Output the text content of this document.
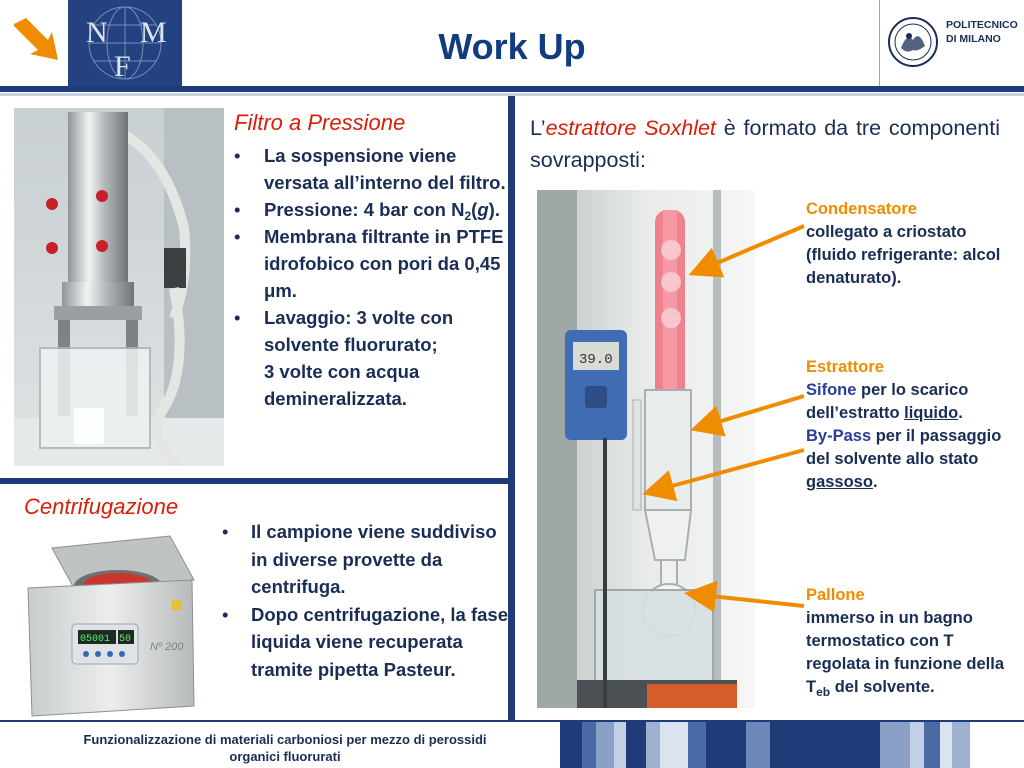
N M
F	Work Up
POLITECNICO
DI MILANO
Filtro a Pressione
• La sospensione viene versata all’interno del filtro.
• Pressione: 4 bar con $N_2(g)$.
• Membrana filtrante in PTFE idrofobico con pori da 0,45 μm.
• Lavaggio: 3 volte con solvente fluorurato;
3 volte con acqua demineralizzata.
Centrifugazione
05001 50
Nº 200
• Il campione viene suddiviso in diverse provette da centrifuga.
• Dopo centrifugazione, la fase liquida viene recuperata tramite pipetta Pasteur.
L’estrattore Soxhlet è formato da tre componenti sovrapposti:
39.0
Condensatore
collegato a criostato (fluido refrigerante: alcol denaturato).
Estrattore
Sifone per lo scarico dell’estratto liquido.
By-Pass per il passaggio del solvente allo stato gassoso.
Pallone
immerso in un bagno termostatico con T regolata in funzione della $T_{eb}$ del solvente.
Funzionalizzazione di materiali carboniosi per mezzo di perossidi
organici fluorurati
